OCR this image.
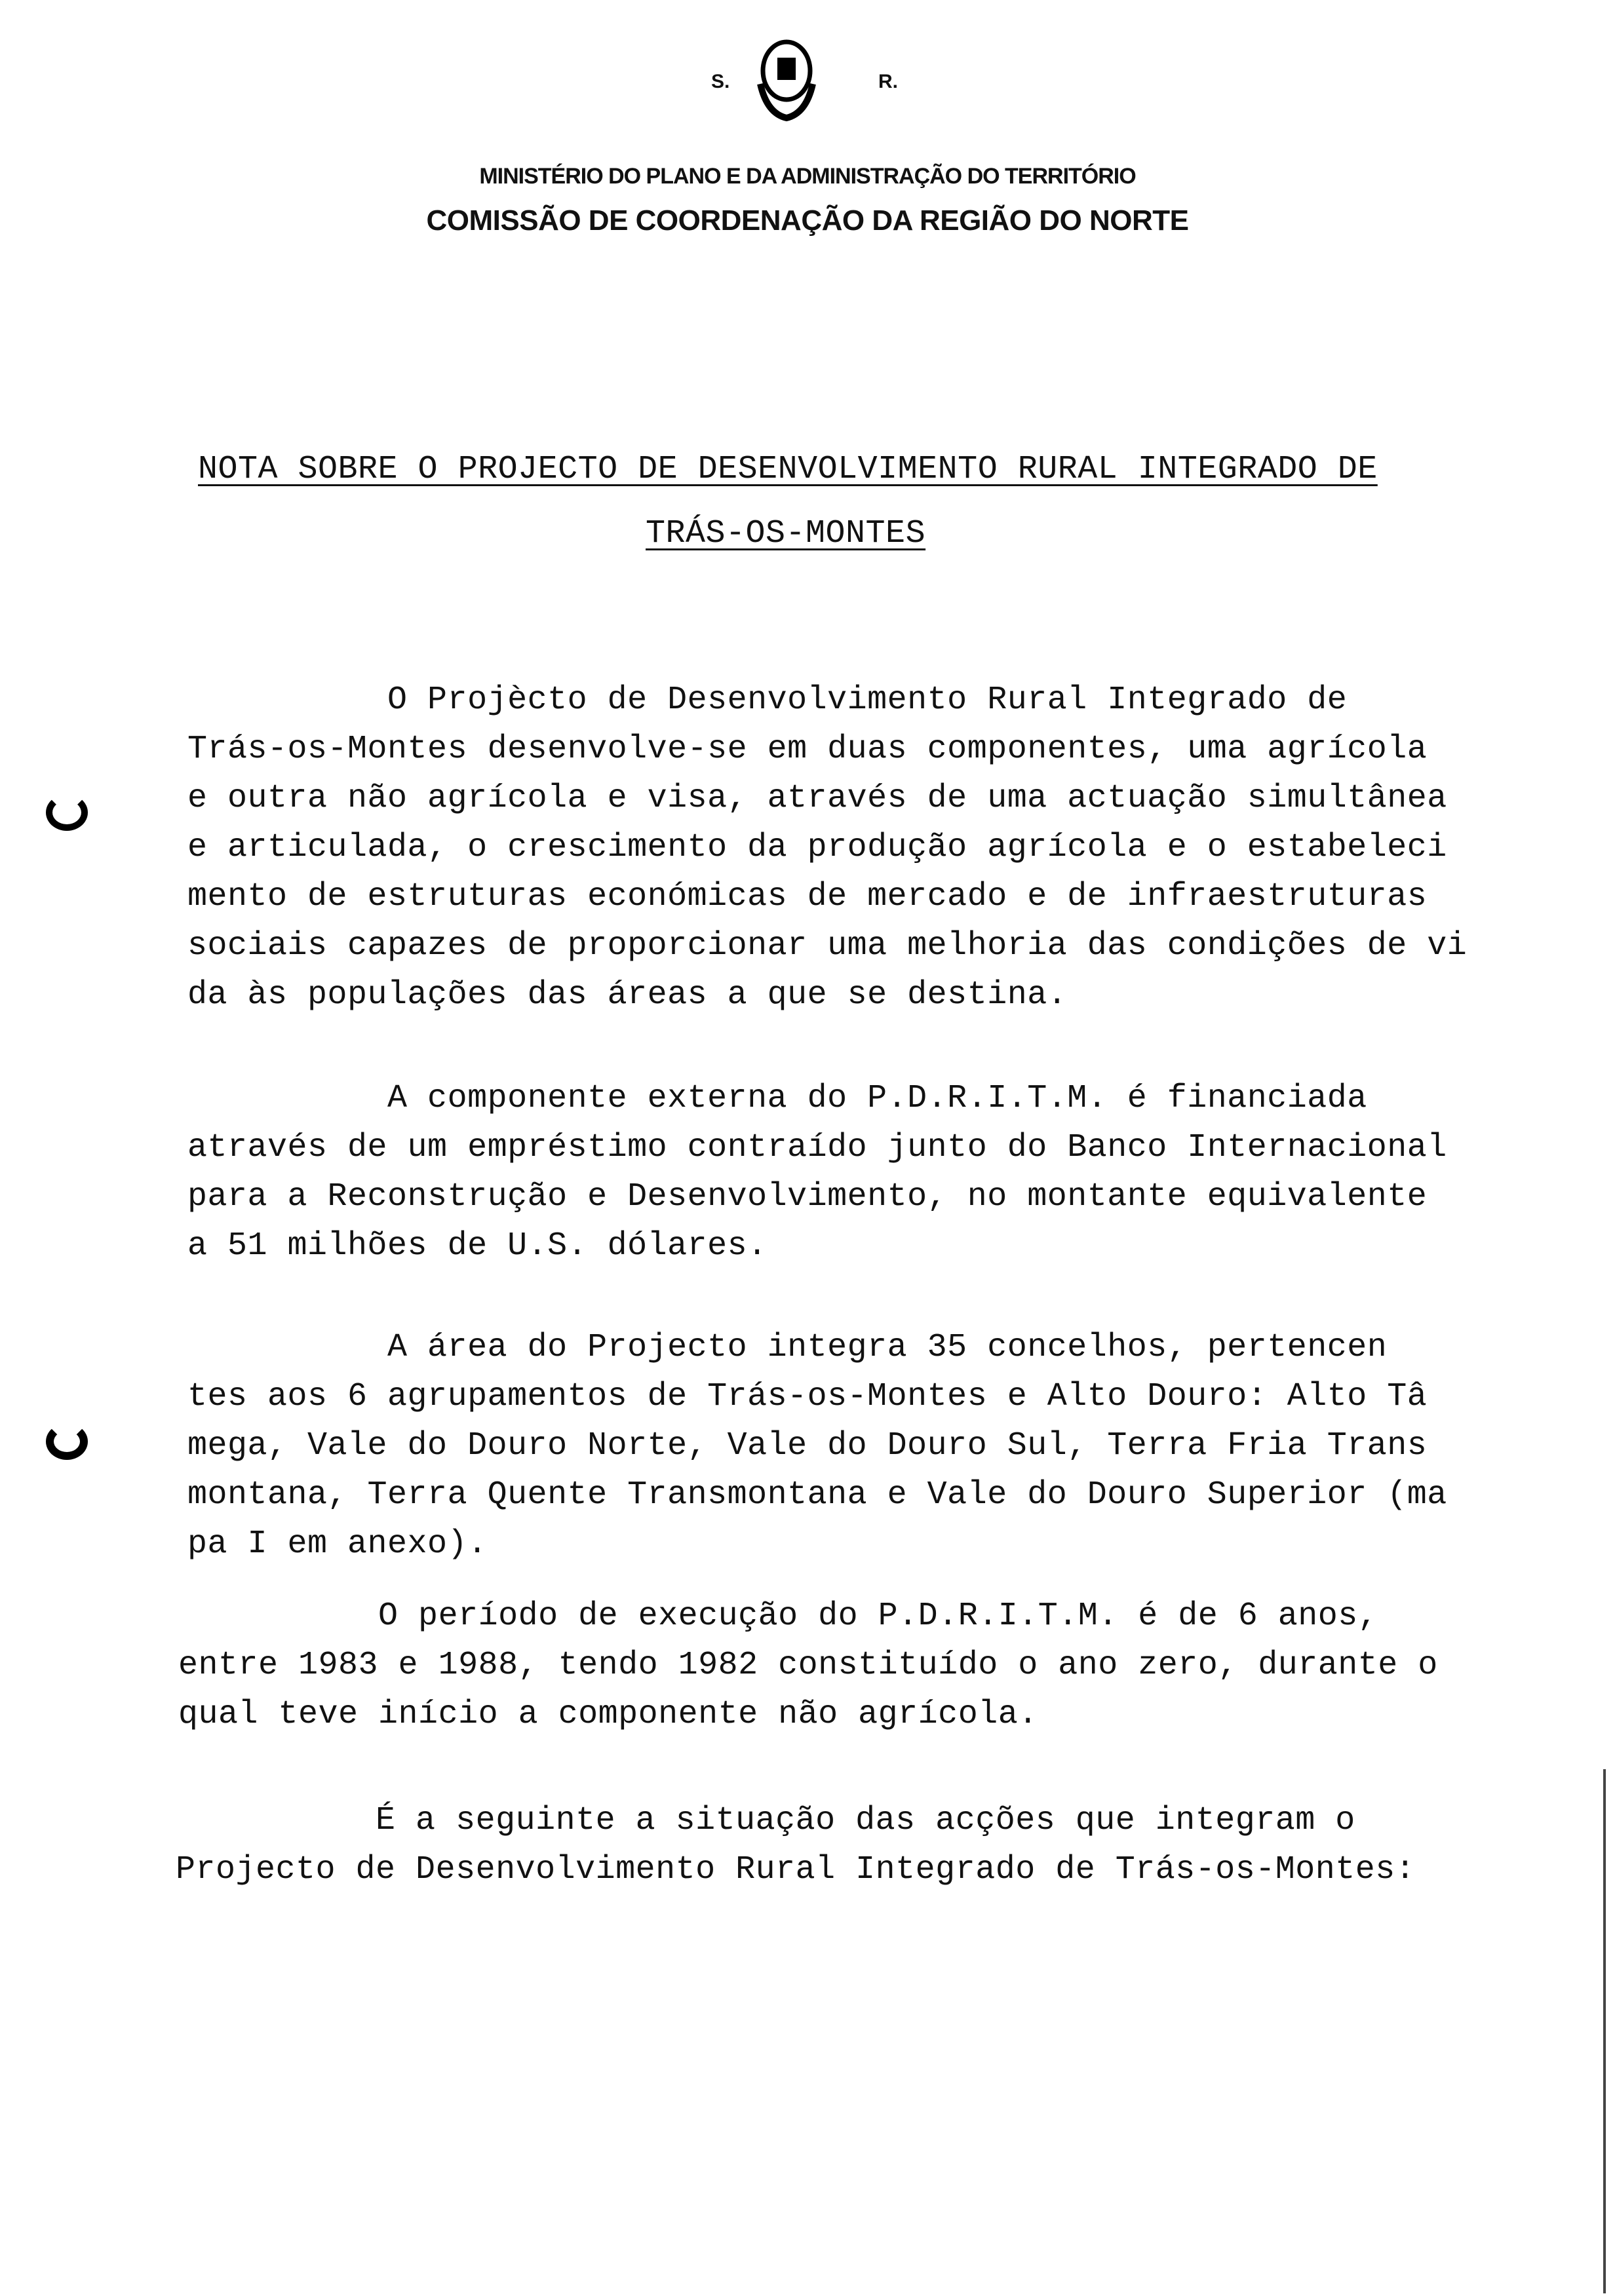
S.	R.
MINISTÉRIO DO PLANO E DA ADMINISTRAÇÃO DO TERRITÓRIO
COMISSÃO DE COORDENAÇÃO DA REGIÃO DO NORTE
NOTA SOBRE O PROJECTO DE DESENVOLVIMENTO RURAL INTEGRADO DE
TRÁS-OS-MONTES
O Projècto de Desenvolvimento Rural Integrado de
Trás-os-Montes desenvolve-se em duas componentes, uma agrícola
e outra não agrícola e visa, através de uma actuação simultânea
e articulada, o crescimento da produção agrícola e o estabeleci
mento de estruturas económicas de mercado e de infraestruturas
sociais capazes de proporcionar uma melhoria das condições de vi
da às populações das áreas a que se destina.
A componente externa do P.D.R.I.T.M. é financiada
através de um empréstimo contraído junto do Banco Internacional
para a Reconstrução e Desenvolvimento, no montante equivalente
a 51 milhões de U.S. dólares.
A área do Projecto integra 35 concelhos, pertencen
tes aos 6 agrupamentos de Trás-os-Montes e Alto Douro: Alto Tâ
mega, Vale do Douro Norte, Vale do Douro Sul, Terra Fria Trans
montana, Terra Quente Transmontana e Vale do Douro Superior (ma
pa I em anexo).
O período de execução do P.D.R.I.T.M. é de 6 anos,
entre 1983 e 1988, tendo 1982 constituído o ano zero, durante o
qual teve início a componente não agrícola.
É a seguinte a situação das acções que integram o
Projecto de Desenvolvimento Rural Integrado de Trás-os-Montes:
